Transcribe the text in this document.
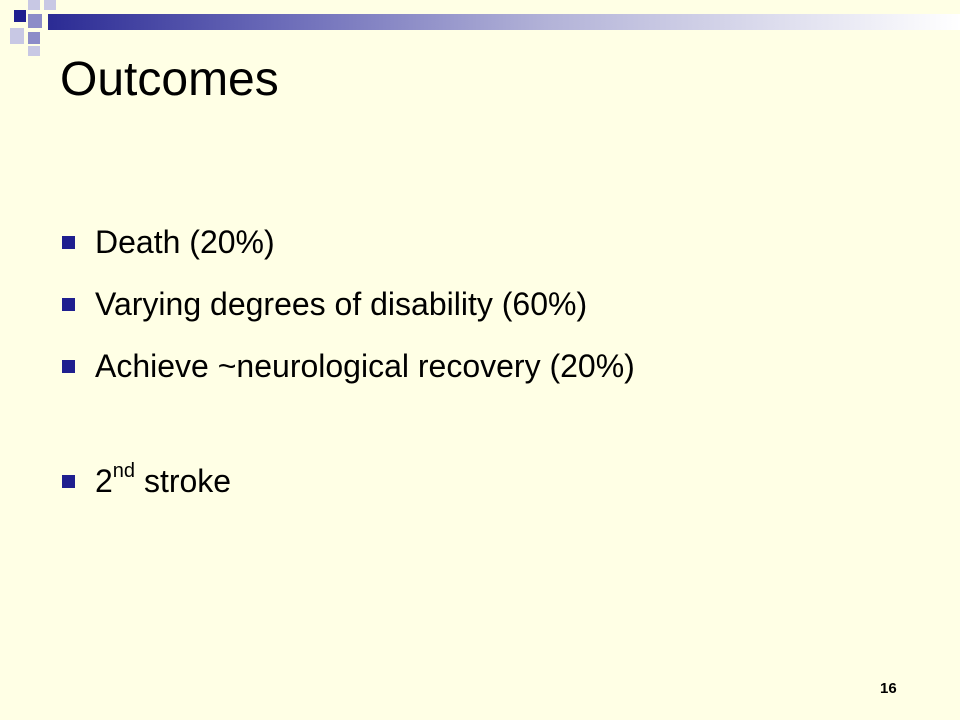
Outcomes
Death (20%)
Varying degrees of disability (60%)
Achieve ~neurological recovery (20%)
2nd stroke
16
